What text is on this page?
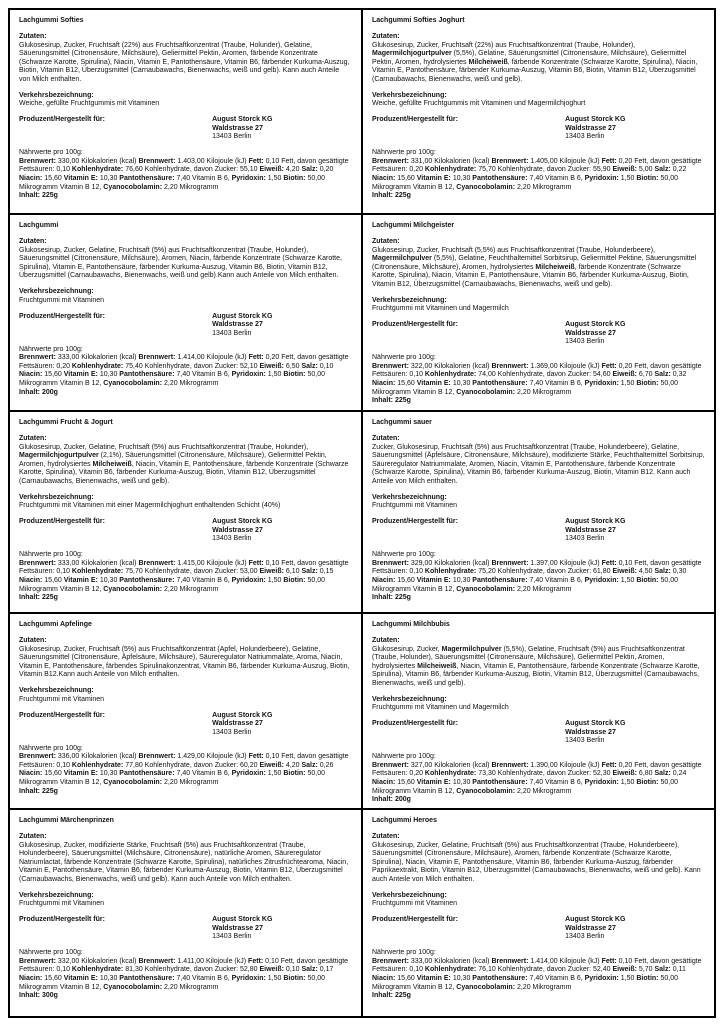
Lachgummi Softies
Zutaten:

Glukosesirup, Zucker, Fruchtsaft (22%) aus Fruchtsaftkonzentrat (Traube, Holunder), Gelatine, Säuerungsmittel (Citronensäure, Milchsäure), Geliermittel Pektin, Aromen, färbende Konzentrate (Schwarze Karotte, Spirulina), Niacin, Vitamin E, Pantothensäure, Vitamin B6, färbender Kurkuma-Auszug, Biotin, Vitamin B12, Überzugsmittel (Carnaubawachs, Bienenwachs, weiß und gelb). Kann auch Anteile von Milch enthalten.

Verkehrsbezeichnung:

Weiche, gefüllte Fruchtgummis mit Vitaminen

Produzent/Hergestellt für:	August Storck KG
Waldstrasse 27
13403 Berlin
Nährwerte pro 100g:

Brennwert: 330,00 Kilokalorien (kcal) Brennwert: 1.403,00 Kilojoule (kJ) Fett: 0,10 Fett, davon gesättigte Fettsäuren: 0,10 Kohlenhydrate: 76,60 Kohlenhydrate, davon Zucker: 55,10 Eiweiß: 4,20 Salz: 0,20 Niacin: 15,60 Vitamin E: 10,30 Pantothensäure: 7,40 Vitamin B 6, Pyridoxin: 1,50 Biotin: 50,00 Mikrogramm Vitamin B 12, Cyanocobolamin: 2,20 Mikrogramm

Inhalt: 225g
Lachgummi Softies Joghurt
Zutaten:

Glukosesirup, Zucker, Fruchtsaft (22%) aus Fruchtsaftkonzentrat (Traube, Holunder), Magermilchjogurtpulver (5,5%), Gelatine, Säuerungsmittel (Citronensäure, Milchsäure), Geliermittel Pektin, Aromen, hydrolysiertes Milcheiweiß, färbende Konzentrate (Schwarze Karotte, Spirulina), Niacin, Vitamin E, Pantothensäure, färbender Kurkuma-Auszug, Vitamin B6, Biotin, Vitamin B12, Überzugsmittel (Carnaubawachs, Bienenwachs, weiß und gelb).

Verkehrsbezeichnung:

Weiche, gefüllte Fruchtgummis mit Vitaminen und Magermilchjoghurt

Produzent/Hergestellt für:	August Storck KG
Waldstrasse 27
13403 Berlin
Nährwerte pro 100g:

Brennwert: 331,00 Kilokalorien (kcal) Brennwert: 1.405,00 Kilojoule (kJ) Fett: 0,20 Fett, davon gesättigte Fettsäuren: 0,20 Kohlenhydrate: 75,70 Kohlenhydrate, davon Zucker: 55,90 Eiweiß: 5,00 Salz: 0,22 Niacin: 15,60 Vitamin E: 10,30 Pantothensäure: 7,40 Vitamin B 6, Pyridoxin: 1,50 Biotin: 50,00 Mikrogramm Vitamin B 12, Cyanocobolamin: 2,20 Mikrogramm

Inhalt: 225g
Lachgummi
Zutaten:

Glukosesirup, Zucker, Gelatine, Fruchtsaft (5%) aus Fruchtsaftkonzentrat (Traube, Holunder), Säuerungsmittel (Citronensäure, Milchsäure), Aromen, Niacin, färbende Konzentrate (Schwarze Karotte, Spirulina), Vitamin E, Pantothensäure, färbender Kurkuma-Auszug, Vitamin B6, Biotin, Vitamin B12, Überzugsmittel (Carnaubawachs, Bienenwachs, weiß und gelb).Kann auch Anteile von Milch enthalten.

Verkehrsbezeichnung:

Fruchtgummi mit Vitaminen

Produzent/Hergestellt für:	August Storck KG
Waldstrasse 27
13403 Berlin
Nährwerte pro 100g:

Brennwert: 333,00 Kilokalorien (kcal) Brennwert: 1.414,00 Kilojoule (kJ) Fett: 0,20 Fett, davon gesättigte Fettsäuren: 0,20 Kohlenhydrate: 75,40 Kohlenhydrate, davon Zucker: 52,10 Eiweiß: 6,50 Salz: 0,10 Niacin: 15,60 Vitamin E: 10,30 Pantothensäure: 7,40 Vitamin B 6, Pyridoxin: 1,50 Biotin: 50,00 Mikrogramm Vitamin B 12, Cyanocobolamin: 2,20 Mikrogramm

Inhalt: 200g
Lachgummi Milchgeister
Zutaten:

Glukosesirup, Zucker, Fruchtsaft (5,5%) aus Fruchtsaftkonzentrat (Traube, Holunderbeere), Magermilchpulver (5,5%), Gelatine, Feuchthaltemittel Sorbitsirup, Geliermittel Pektine, Säuerungsmittel (Citronensäure, Milchsäure), Aromen, hydrolysiertes Milcheiweiß, färbende Konzentrate (Schwarze Karotte, Spirulina), Niacin, Vitamin E, Pantothensäure, Vitamin B6, färbender Kurkuma-Auszug, Biotin, Vitamin B12, Überzugsmittel (Carnaubawachs, Bienenwachs, weiß und gelb).

Verkehrsbezeichnung:

Fruchtgummi mit Vitaminen und Magermilch

Produzent/Hergestellt für:	August Storck KG
Waldstrasse 27
13403 Berlin
Nährwerte pro 100g:

Brennwert: 322,00 Kilokalorien (kcal) Brennwert: 1.369,00 Kilojoule (kJ) Fett: 0,20 Fett, davon gesättigte Fettsäuren: 0,10 Kohlenhydrate: 74,00 Kohlenhydrate, davon Zucker: 54,60 Eiweiß: 6,70 Salz: 0,32 Niacin: 15,60 Vitamin E: 10,30 Pantothensäure: 7,40 Vitamin B 6, Pyridoxin: 1,50 Biotin: 50,00 Mikrogramm Vitamin B 12, Cyanocobolamin: 2,20 Mikrogramm

Inhalt: 225g
Lachgummi Frucht & Jogurt
Zutaten:

Glukosesirup, Zucker, Gelatine, Fruchtsaft (5%) aus Fruchtsaftkonzentrat (Traube, Holunder), Magermilchjogurtpulver (2,1%), Säuerungsmittel (Citronensäure, Milchsäure), Geliermittel Pektin, Aromen, hydrolysiertes Milcheiweiß, Niacin, Vitamin E, Pantothensäure, färbende Konzentrate (Schwarze Karotte, Spirulina), Vitamin B6, färbender Kurkuma-Auszug, Biotin, Vitamin B12, Überzugsmittel (Carnaubawachs, Bienenwachs, weiß und gelb).

Verkehrsbezeichnung:

Fruchtgummi mit Vitaminen mit einer Magermilchjoghurt enthaltenden Schicht (40%)

Produzent/Hergestellt für:	August Storck KG
Waldstrasse 27
13403 Berlin
Nährwerte pro 100g:

Brennwert: 333,00 Kilokalorien (kcal) Brennwert: 1.415,00 Kilojoule (kJ) Fett: 0,10 Fett, davon gesättigte Fettsäuren: 0,10 Kohlenhydrate: 75,70 Kohlenhydrate, davon Zucker: 53,00 Eiweiß: 6,10 Salz: 0,15 Niacin: 15,60 Vitamin E: 10,30 Pantothensäure: 7,40 Vitamin B 6, Pyridoxin: 1,50 Biotin: 50,00 Mikrogramm Vitamin B 12, Cyanocobolamin: 2,20 Mikrogramm

Inhalt: 225g
Lachgummi sauer
Zutaten:

Zucker, Glukosesirup, Fruchtsaft (5%) aus Fruchtsaftkonzentrat (Traube, Holunderbeere), Gelatine, Säuerungsmittel (Äpfelsäure, Citronensäure, Milchsäure), modifizierte Stärke, Feuchthaltemittel Sorbitsirup, Säureregulator Natriummalate, Aromen, Niacin, Vitamin E, Pantothensäure, färbende Konzentrate (Schwarze Karotte, Spirulina), Vitamin B6, färbender Kurkuma-Auszug, Biotin, Vitamin B12. Kann auch Anteile von Milch enthalten.

Verkehrsbezeichnung:

Fruchtgummi mit Vitaminen

Produzent/Hergestellt für:	August Storck KG
Waldstrasse 27
13403 Berlin
Nährwerte pro 100g:

Brennwert: 329,00 Kilokalorien (kcal) Brennwert: 1.397,00 Kilojoule (kJ) Fett: 0,10 Fett, davon gesättigte Fettsäuren: 0,10 Kohlenhydrate: 75,20 Kohlenhydrate, davon Zucker: 61,80 Eiweiß: 4,50 Salz: 0,30 Niacin: 15,60 Vitamin E: 10,30 Pantothensäure: 7,40 Vitamin B 6, Pyridoxin: 1,50 Biotin: 50,00 Mikrogramm Vitamin B 12, Cyanocobolamin: 2,20 Mikrogramm

Inhalt: 225g
Lachgummi Apfelinge
Zutaten:

Glukosesirup, Zucker, Fruchtsaft (5%) aus Fruchtsaftkonzentrat (Apfel, Holunderbeere), Gelatine, Säuerungsmittel (Citronensäure, Äpfelsäure, Milchsäure), Säureregulator Natriummalate, Aroma, Niacin, Vitamin E, Pantothensäure, färbendes Spirulinakonzentrat, Vitamin B6, färbender Kurkuma-Auszug, Biotin, Vitamin B12.Kann auch Anteile von Milch enthalten.

Verkehrsbezeichnung:

Fruchtgummi mit Vitaminen

Produzent/Hergestellt für:	August Storck KG
Waldstrasse 27
13403 Berlin
Nährwerte pro 100g:

Brennwert: 336,00 Kilokalorien (kcal) Brennwert: 1.429,00 Kilojoule (kJ) Fett: 0,10 Fett, davon gesättigte Fettsäuren: 0,10 Kohlenhydrate: 77,80 Kohlenhydrate, davon Zucker: 60,20 Eiweiß: 4,20 Salz: 0,26 Niacin: 15,60 Vitamin E: 10,30 Pantothensäure: 7,40 Vitamin B 6, Pyridoxin: 1,50 Biotin: 50,00 Mikrogramm Vitamin B 12, Cyanocobolamin: 2,20 Mikrogramm

Inhalt: 225g
Lachgummi Milchbubis
Zutaten:

Glukosesirup, Zucker, Magermilchpulver (5,5%), Gelatine, Fruchtsaft (5%) aus Fruchtsaftkonzentrat (Traube, Holunder), Säuerungsmittel (Citronensäure, Milchsäure), Geliermittel Pektin, Aromen, hydrolysiertes Milcheiweiß, Niacin, Vitamin E, Pantothensäure, färbende Konzentrate (Schwarze Karotte, Spirulina), Vitamin B6, färbender Kurkuma-Auszug, Biotin, Vitamin B12, Überzugsmittel (Carnaubawachs, Bienenwachs, weiß und gelb).

Verkehrsbezeichnung:

Fruchtgummi mit Vitaminen und Magermilch

Produzent/Hergestellt für:	August Storck KG
Waldstrasse 27
13403 Berlin
Nährwerte pro 100g:

Brennwert: 327,00 Kilokalorien (kcal) Brennwert: 1.390,00 Kilojoule (kJ) Fett: 0,20 Fett, davon gesättigte Fettsäuren: 0,20 Kohlenhydrate: 73,30 Kohlenhydrate, davon Zucker: 52,30 Eiweiß: 6,80 Salz: 0,24 Niacin: 15,60 Vitamin E: 10,30 Pantothensäure: 7,40 Vitamin B 6, Pyridoxin: 1,50 Biotin: 50,00 Mikrogramm Vitamin B 12, Cyanocobolamin: 2,20 Mikrogramm

Inhalt: 200g
Lachgummi Märchenprinzen
Zutaten:

Glukosesirup, Zucker, modifizierte Stärke, Fruchtsaft (5%) aus Fruchtsaftkonzentrat (Traube, Holunderbeere), Säuerungsmittel (Milchsäure, Citronensäure), natürliche Aromen, Säureregulator Natriumlactat, färbende Konzentrate (Schwarze Karotte, Spirulina), natürliches Zitrusfrüchtearoma, Niacin, Vitamin E, Pantothensäure, Vitamin B6, färbender Kurkuma-Auszug, Biotin, Vitamin B12, Überzugsmittel (Carnaubawachs, Bienenwachs, weiß und gelb). Kann auch Anteile von Milch enthalten.

Verkehrsbezeichnung:

Fruchtgummi mit Vitaminen

Produzent/Hergestellt für:	August Storck KG
Waldstrasse 27
13403 Berlin
Nährwerte pro 100g:

Brennwert: 332,00 Kilokalorien (kcal) Brennwert: 1.411,00 Kilojoule (kJ) Fett: 0,10 Fett, davon gesättigte Fettsäuren: 0,10 Kohlenhydrate: 81,30 Kohlenhydrate, davon Zucker: 52,80 Eiweiß: 0,10 Salz: 0,17 Niacin: 15,60 Vitamin E: 10,30 Pantothensäure: 7,40 Vitamin B 6, Pyridoxin: 1,50 Biotin: 50,00 Mikrogramm Vitamin B 12, Cyanocobolamin: 2,20 Mikrogramm

Inhalt: 300g
Lachgummi Heroes
Zutaten:

Glukosesirup, Zucker, Gelatine, Fruchtsaft (5%) aus Fruchtsaftkonzentrat (Traube, Holunderbeere), Säuerungsmittel (Citronensäure, Milchsäure), Aromen, färbende Konzentrate (Schwarze Karotte, Spirulina), Niacin, Vitamin E, Pantothensäure, Vitamin B6, färbender Kurkuma-Auszug, färbender Paprikaextrakt, Biotin, Vitamin B12, Überzugsmittel (Carnaubawachs, Bienenwachs, weiß und gelb). Kann auch Anteile von Milch enthalten.

Verkehrsbezeichnung:

Fruchtgummi mit Vitaminen

Produzent/Hergestellt für:	August Storck KG
Waldstrasse 27
13403 Berlin
Nährwerte pro 100g:

Brennwert: 333,00 Kilokalorien (kcal) Brennwert: 1.414,00 Kilojoule (kJ) Fett: 0,10 Fett, davon gesättigte Fettsäuren: 0,10 Kohlenhydrate: 76,10 Kohlenhydrate, davon Zucker: 52,40 Eiweiß: 5,70 Salz: 0,11 Niacin: 15,60 Vitamin E: 10,30 Pantothensäure: 7,40 Vitamin B 6, Pyridoxin: 1,50 Biotin: 50,00 Mikrogramm Vitamin B 12, Cyanocobolamin: 2,20 Mikrogramm

Inhalt: 225g
